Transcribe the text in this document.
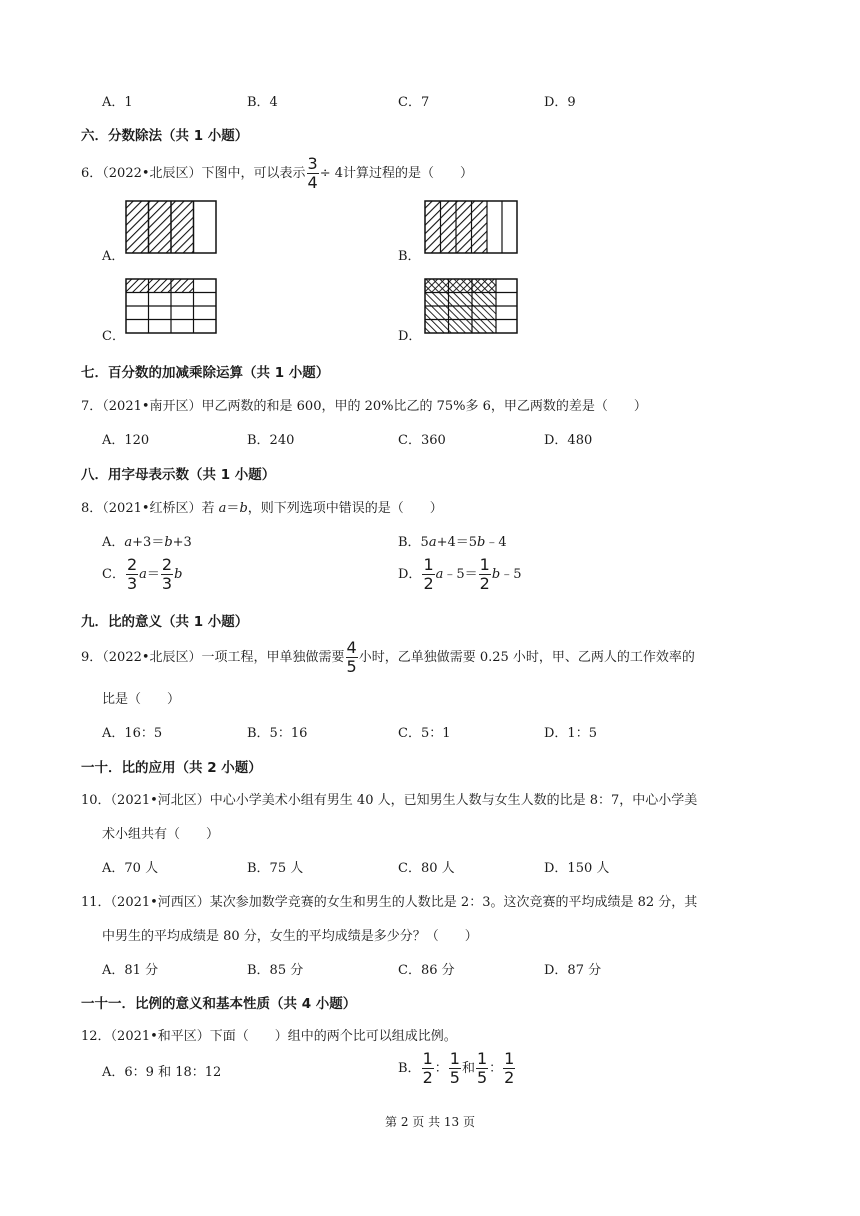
A．1	B．4	C．7	D．9
六．分数除法（共 1 小题）
6．（2022•北辰区）下图中，可以表示 $\frac{3}{4} \div 4$计算过程的是（　　）
A．	B．
C．	D．
七．百分数的加减乘除运算（共 1 小题）
7．（2021•南开区）甲乙两数的和是 600，甲的 20%比乙的 75%多 6，甲乙两数的差是（　　）
A．120	B．240	C．360	D．480
八．用字母表示数（共 1 小题）
8．（2021•红桥区）若 a＝b，则下列选项中错误的是（　　）
A．a+3＝b+3	B．5a+4＝5b﹣4
C． $\frac{2}{3} a= \frac{2}{3}$ b	D． $\frac{1}{2}$ a﹣5＝ $\frac{1}{2}$ b﹣5
九．比的意义（共 1 小题）
9．（2022•北辰区）一项工程，甲单独做需要 $\frac{4}{5}$ 小时，乙单独做需要 0.25 小时，甲、乙两人的工作效率的
比是（　　）
A．16：5	B．5：16	C．5：1	D．1：5
一十．比的应用（共 2 小题）
10．（2021•河北区）中心小学美术小组有男生 40 人，已知男生人数与女生人数的比是 8：7，中心小学美
术小组共有（　　）
A．70 人	B．75 人	C．80 人	D．150 人
11．（2021•河西区）某次参加数学竞赛的女生和男生的人数比是 2：3。这次竞赛的平均成绩是 82 分，其
中男生的平均成绩是 80 分，女生的平均成绩是多少分？（　　）
A．81 分	B．85 分	C．86 分	D．87 分
一十一．比例的意义和基本性质（共 4 小题）
12．（2021•和平区）下面（　　）组中的两个比可以组成比例。
A．6：9 和 18：12	B． $\frac{1}{2}$ ： $\frac{1}{5}$ 和 $\frac{1}{5}$ ： $\frac{1}{2}$
第 2 页 共 13 页
